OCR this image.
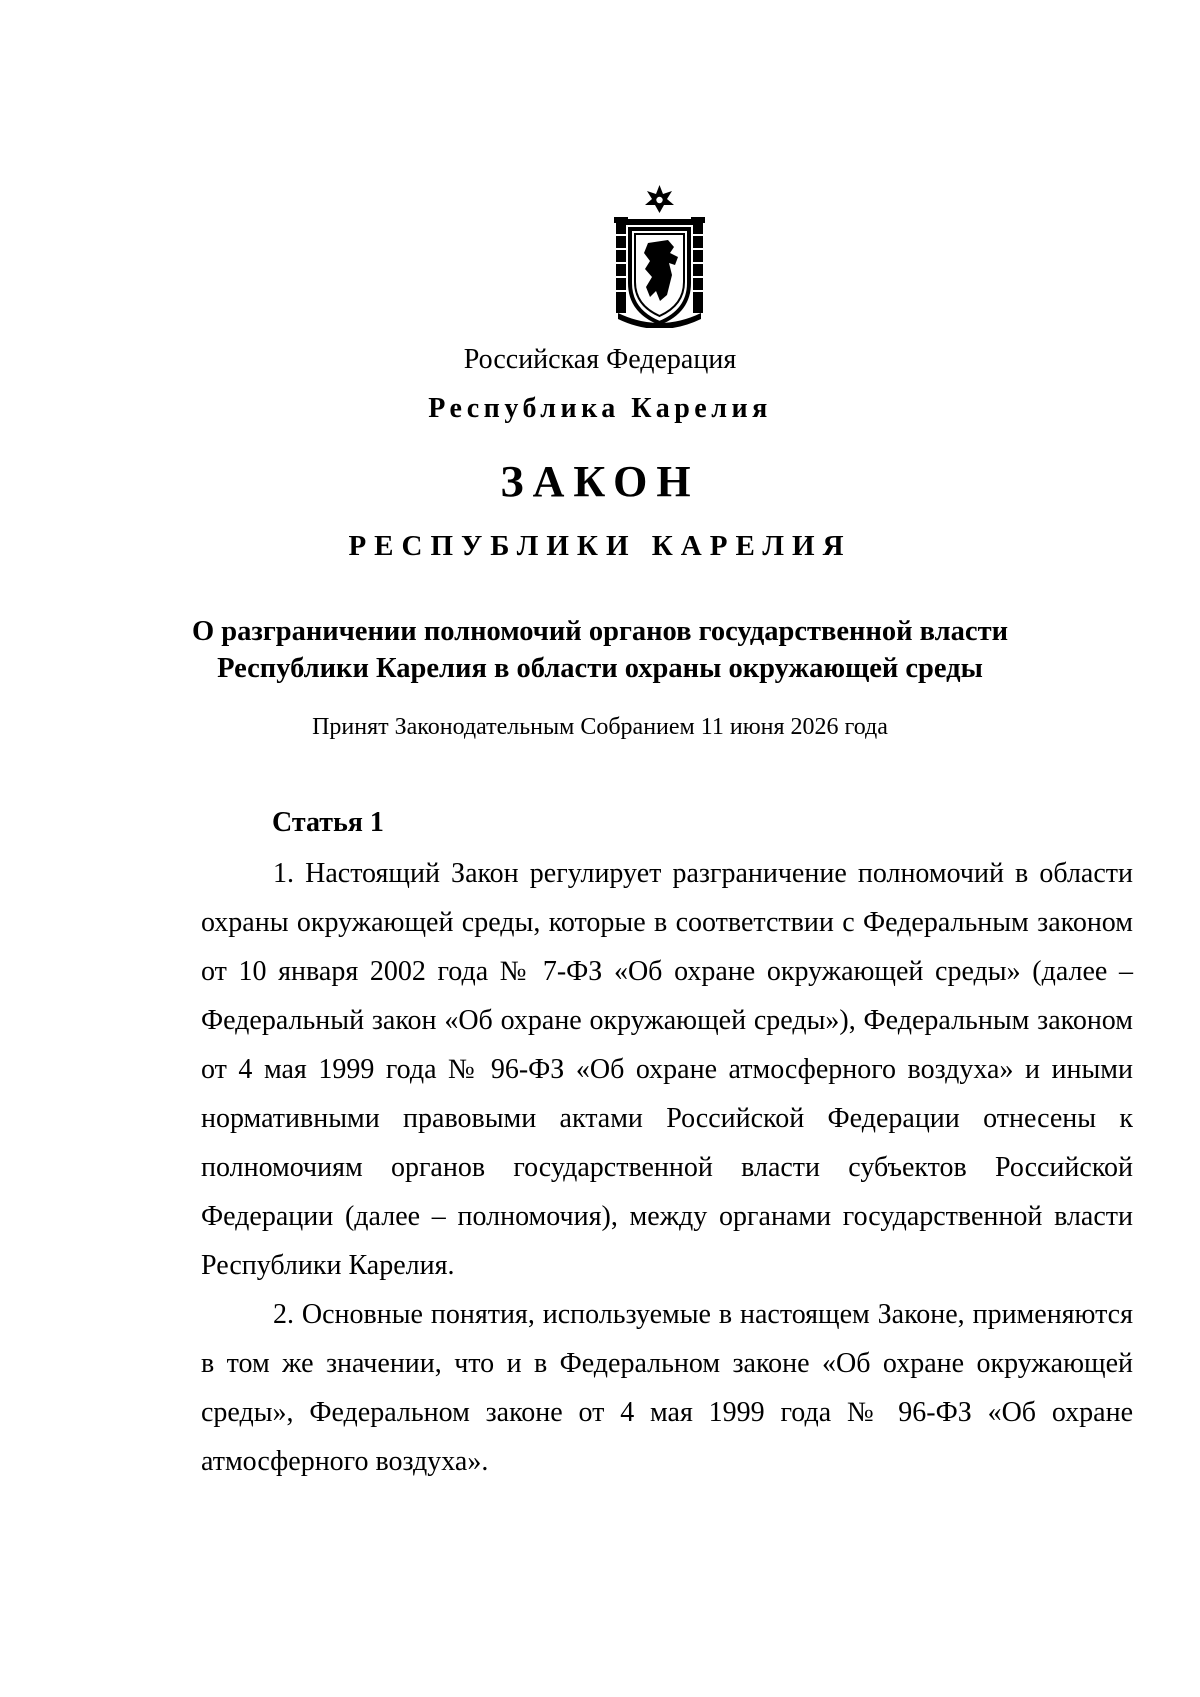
Российская Федерация

Республика Карелия

ЗАКОН

РЕСПУБЛИКИ КАРЕЛИЯ

О разграничении полномочий органов государственной власти
Республики Карелия в области охраны окружающей среды

Принят Законодательным Собранием 11 июня 2026 года

Статья 1

1. Настоящий Закон регулирует разграничение полномочий в области охраны окружающей среды, которые в соответствии с Федеральным законом от 10 января 2002 года № 7-ФЗ «Об охране окружающей среды» (далее – Федеральный закон «Об охране окружающей среды»), Федеральным законом от 4 мая 1999 года № 96-ФЗ «Об охране атмосферного воздуха» и иными нормативными правовыми актами Российской Федерации отнесены к полномочиям органов государственной власти субъектов Российской Федерации (далее – полномочия), между органами государственной власти Республики Карелия.

2. Основные понятия, используемые в настоящем Законе, применяются в том же значении, что и в Федеральном законе «Об охране окружающей среды», Федеральном законе от 4 мая 1999 года № 96-ФЗ «Об охране атмосферного воздуха».
